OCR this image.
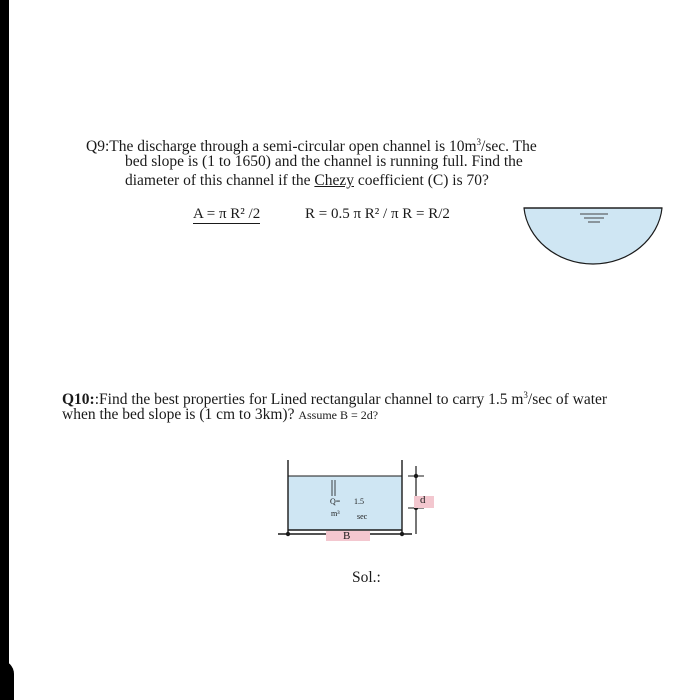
Q9:The discharge through a semi-circular open channel is $10m^3/\sec$. The
bed slope is (1 to 1650) and the channel is running full. Find the
diameter of this channel if the Chezy coefficient (C) is 70?
A = π R² /2	R = 0.5 π R² / π R = R/2
Q10::Find the best properties for Lined rectangular channel to carry 1.5 $m^3/\sec$ of water
when the bed slope is (1 cm to 3km)? Assume B = 2d?
Q= 1.5
m³ sec
B
d
Sol.:
